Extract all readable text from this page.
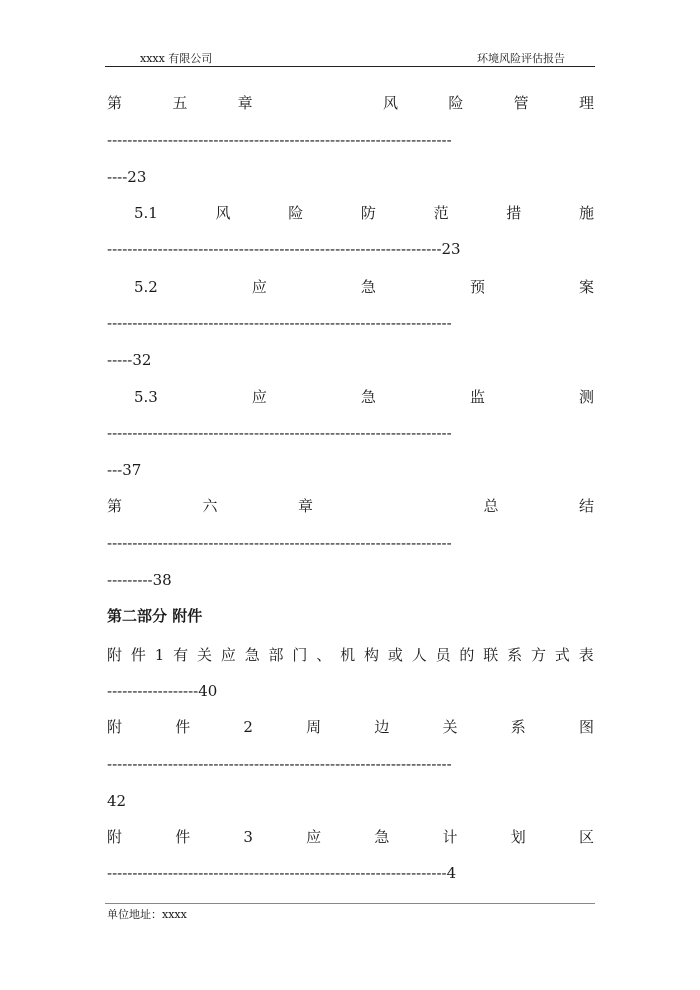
xxxx 有限公司	环境风险评估报告
第	五	章	风	险	管	理
--------------------------------------------------------------------
----23
5.1	风	险	防	范	措	施
------------------------------------------------------------------23
5.2	应	急	预	案
--------------------------------------------------------------------
-----32
5.3	应	急	监	测
--------------------------------------------------------------------
---37
第	六	章	总	结
--------------------------------------------------------------------
---------38
第二部分 附件
附 件 1 有 关 应 急 部 门 、 机 构 或 人 员 的 联 系 方 式 表
------------------40
附	件	2	周	边	关	系	图
--------------------------------------------------------------------
42
附	件	3	应	急	计	划	区
-------------------------------------------------------------------4
单位地址：xxxx
